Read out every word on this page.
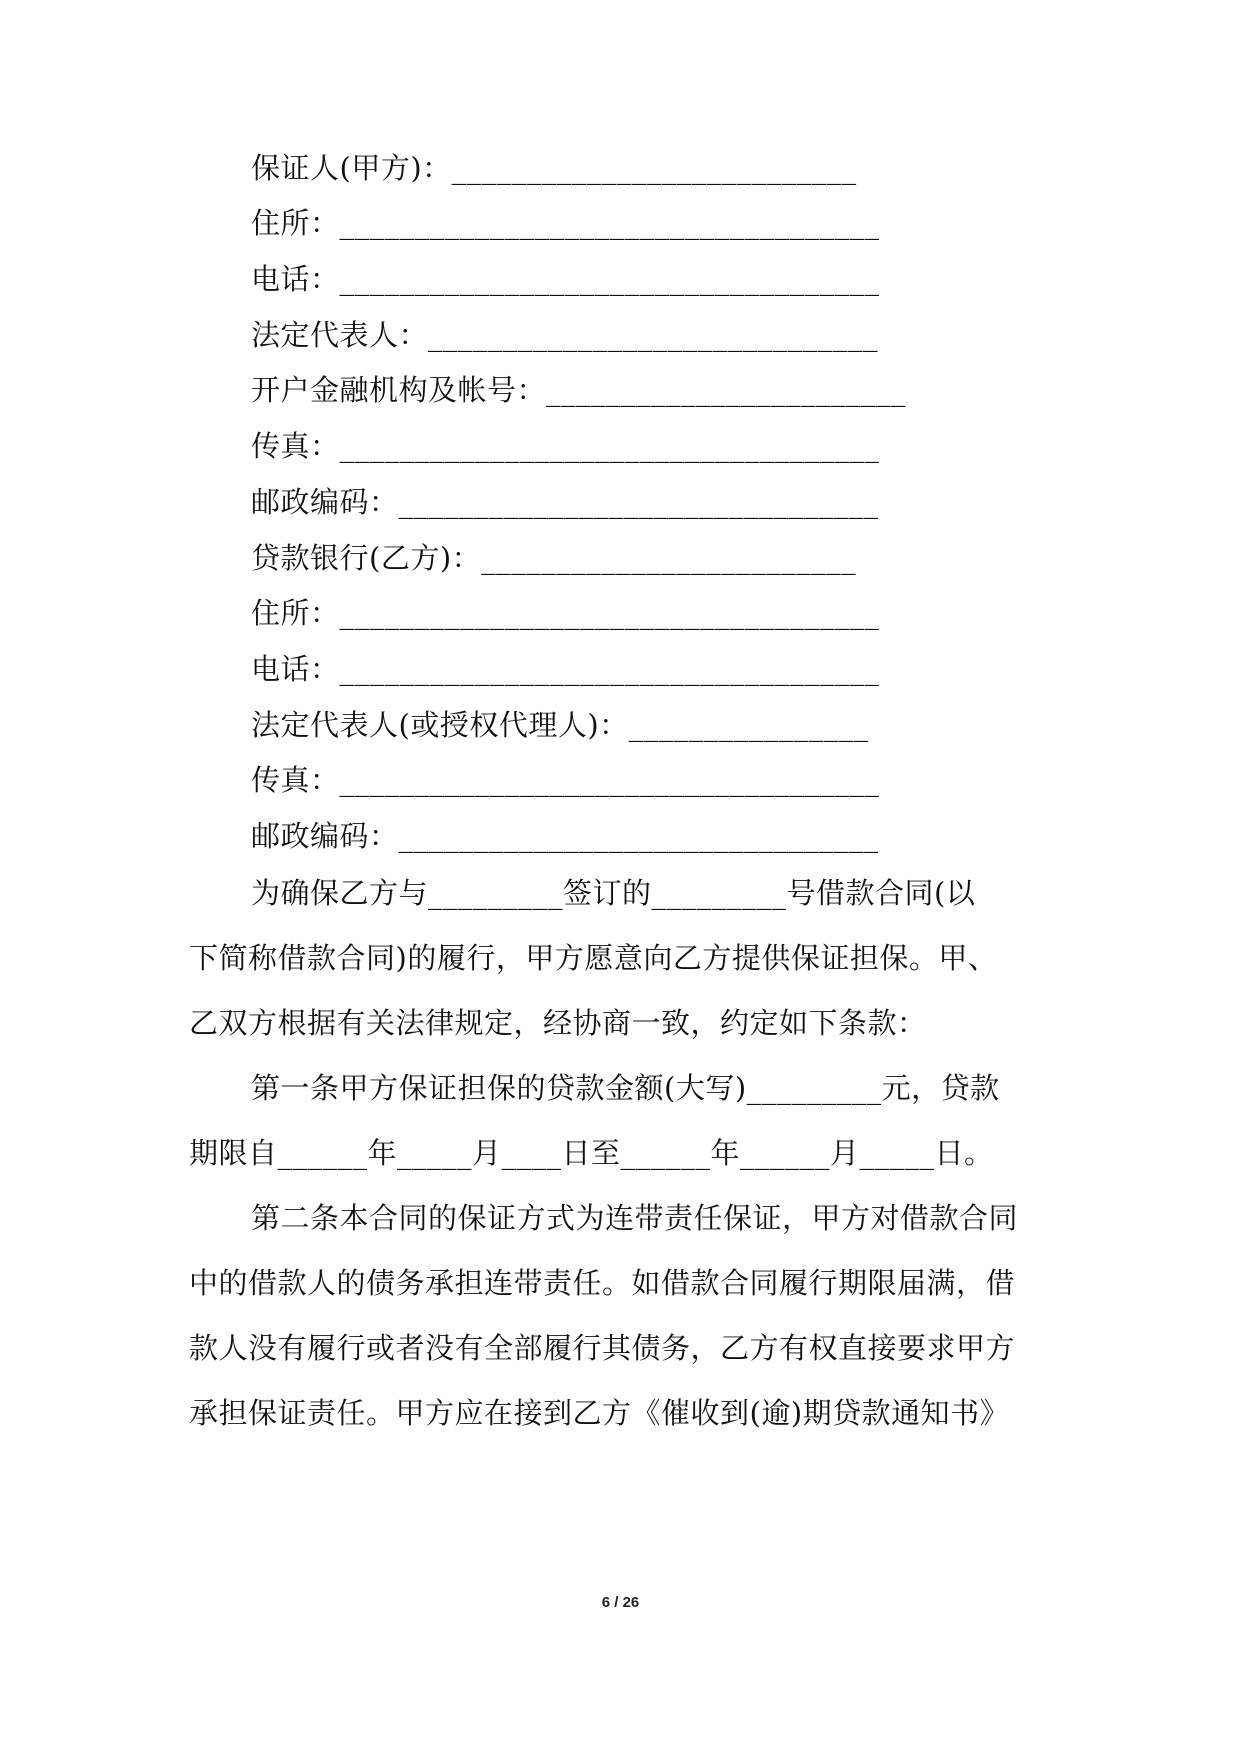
保证人(甲方)：___________________________
住所：____________________________________
电话：____________________________________
法定代表人：______________________________
开户金融机构及帐号：________________________
传真：____________________________________
邮政编码：________________________________
贷款银行(乙方)：_________________________
住所：____________________________________
电话：____________________________________
法定代表人(或授权代理人)：________________
传真：____________________________________
邮政编码：________________________________
为确保乙方与_________签订的_________号借款合同(以
下简称借款合同)的履行，甲方愿意向乙方提供保证担保。甲、
乙双方根据有关法律规定，经协商一致，约定如下条款：
第一条甲方保证担保的贷款金额(大写)_________元，贷款
期限自______年_____月____日至______年______月_____日。
第二条本合同的保证方式为连带责任保证，甲方对借款合同
中的借款人的债务承担连带责任。如借款合同履行期限届满，借
款人没有履行或者没有全部履行其债务，乙方有权直接要求甲方
承担保证责任。甲方应在接到乙方《催收到(逾)期贷款通知书》
6 / 26
